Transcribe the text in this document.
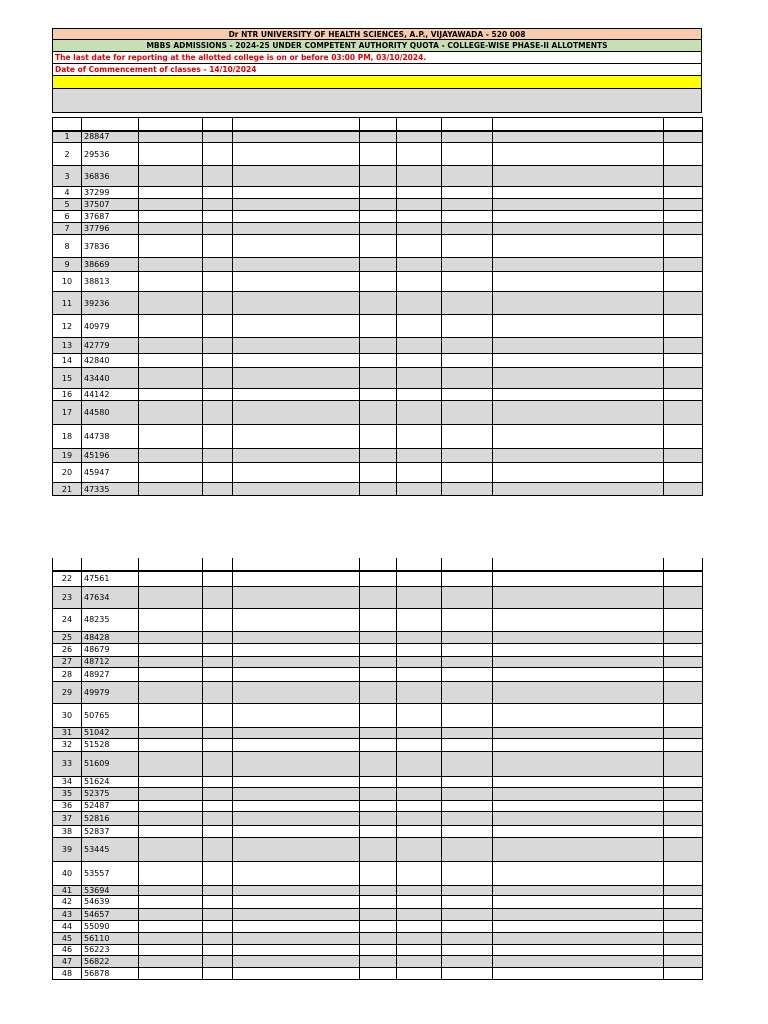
Dr NTR UNIVERSITY OF HEALTH SCIENCES, A.P., VIJAYAWADA - 520 008
MBBS ADMISSIONS - 2024-25 UNDER COMPETENT AUTHORITY QUOTA - COLLEGE-WISE PHASE-II ALLOTMENTS
The last date for reporting at the allotted college is on or before 03:00 PM, 03/10/2024.
Date of Commencement of classes - 14/10/2024

1	28847								
2	29536								
3	36836								
4	37299								
5	37507								
6	37687								
7	37796								
8	37836								
9	38669								
10	38813								
11	39236								
12	40979								
13	42779								
14	42840								
15	43440								
16	44142								
17	44580								
18	44738								
19	45196								
20	45947								
21	47335								

22	47561								
23	47634								
24	48235								
25	48428								
26	48679								
27	48712								
28	48927								
29	49979								
30	50765								
31	51042								
32	51528								
33	51609								
34	51624								
35	52375								
36	52487								
37	52816								
38	52837								
39	53445								
40	53557								
41	53694								
42	54639								
43	54657								
44	55090								
45	56110								
46	56223								
47	56822								
48	56878								
